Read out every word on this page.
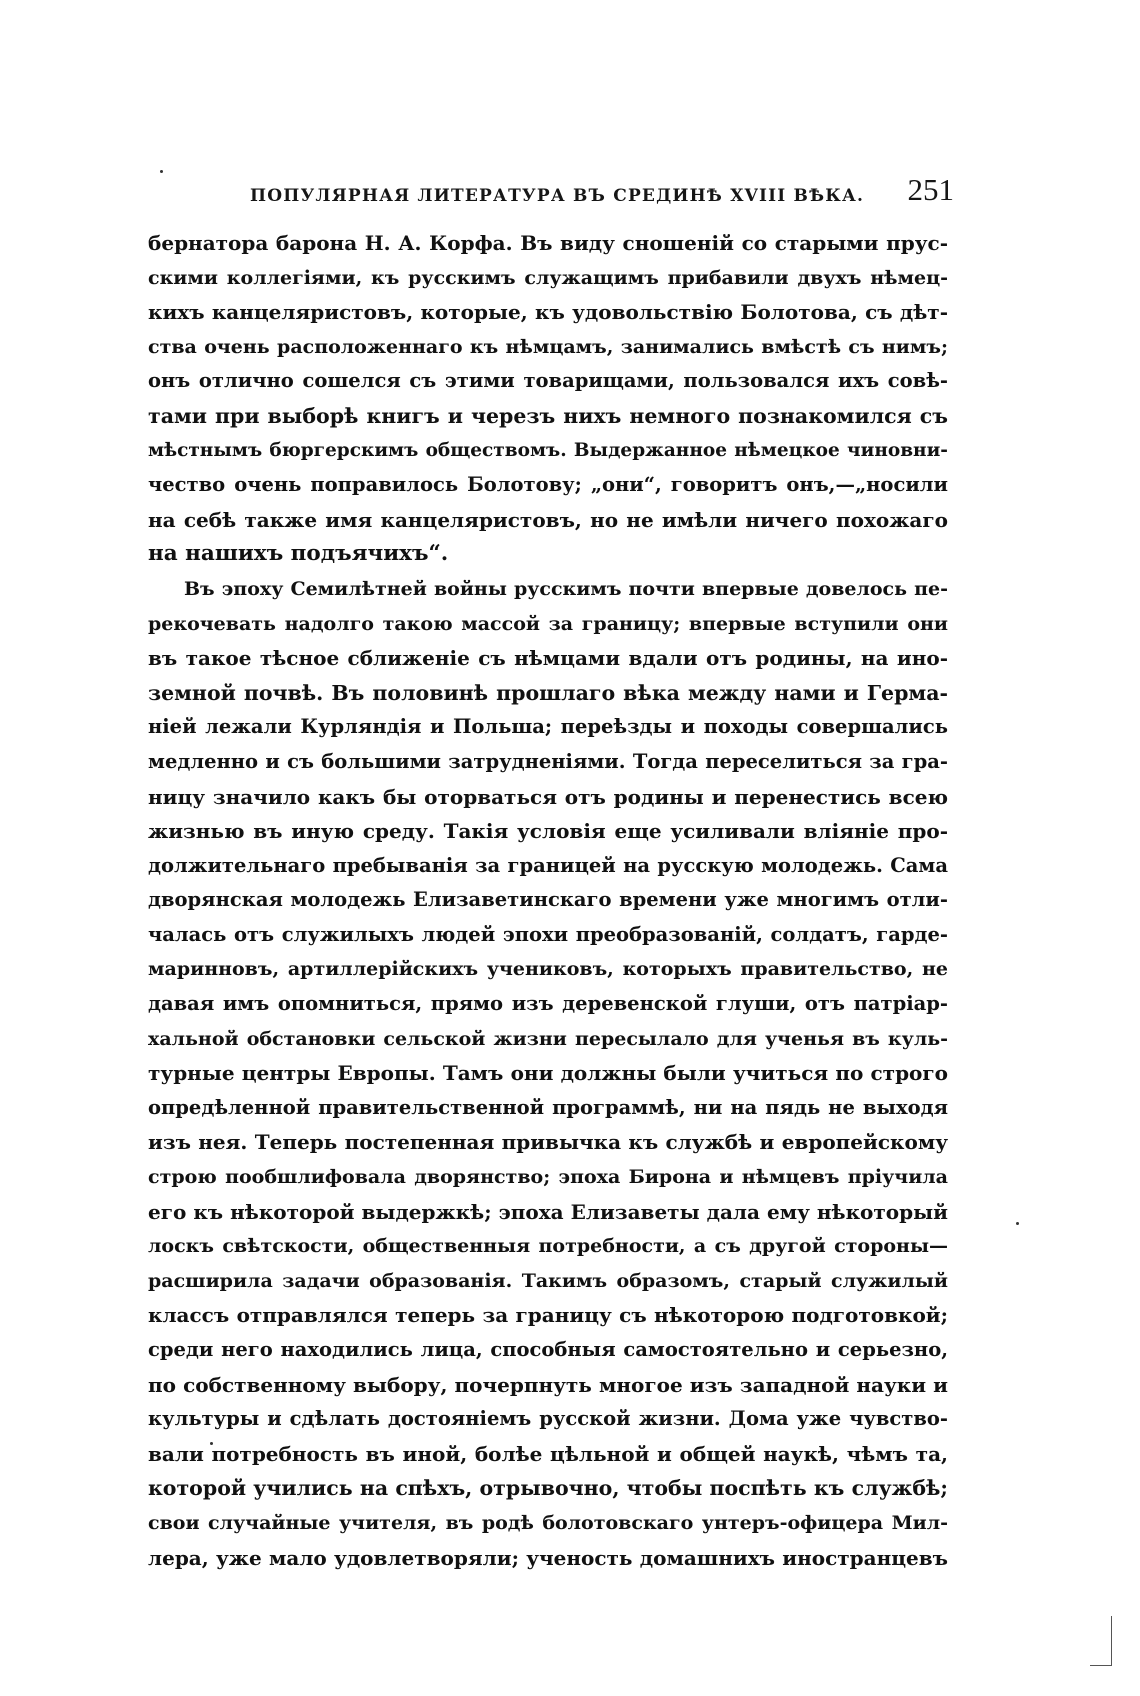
ПОПУЛЯРНАЯ ЛИТЕРАТУРА ВЪ СРЕДИНѢ XVIII ВѢКА. 251
бернатора барона Н. А. Корфа. Въ виду сношеній со старыми прус-
скими коллегіями, къ русскимъ служащимъ прибавили двухъ нѣмец-
кихъ канцеляристовъ, которые, къ удовольствію Болотова, съ дѣт-
ства очень расположеннаго къ нѣмцамъ, занимались вмѣстѣ съ нимъ;
онъ отлично сошелся съ этими товарищами, пользовался ихъ совѣ-
тами при выборѣ книгъ и черезъ нихъ немного познакомился съ
мѣстнымъ бюргерскимъ обществомъ. Выдержанное нѣмецкое чиновни-
чество очень поправилось Болотову; „они“, говоритъ онъ,—„носили
на себѣ также имя канцеляристовъ, но не имѣли ничего похожаго
на нашихъ подъячихъ“.
Въ эпоху Семилѣтней войны русскимъ почти впервые довелось пе-
рекочевать надолго такою массой за границу; впервые вступили они
въ такое тѣсное сближеніе съ нѣмцами вдали отъ родины, на ино-
земной почвѣ. Въ половинѣ прошлаго вѣка между нами и Герма-
ніей лежали Курляндія и Польша; переѣзды и походы совершались
медленно и съ большими затрудненіями. Тогда переселиться за гра-
ницу значило какъ бы оторваться отъ родины и перенестись всею
жизнью въ иную среду. Такія условія еще усиливали вліяніе про-
должительнаго пребыванія за границей на русскую молодежь. Сама
дворянская молодежь Елизаветинскаго времени уже многимъ отли-
чалась отъ служилыхъ людей эпохи преобразованій, солдатъ, гарде-
маринновъ, артиллерійскихъ учениковъ, которыхъ правительство, не
давая имъ опомниться, прямо изъ деревенской глуши, отъ патріар-
хальной обстановки сельской жизни пересылало для ученья въ куль-
турные центры Европы. Тамъ они должны были учиться по строго
опредѣленной правительственной программѣ, ни на пядь не выходя
изъ нея. Теперь постепенная привычка къ службѣ и европейскому
строю пообшлифовала дворянство; эпоха Бирона и нѣмцевъ пріучила
его къ нѣкоторой выдержкѣ; эпоха Елизаветы дала ему нѣкоторый
лоскъ свѣтскости, общественныя потребности, а съ другой стороны—
расширила задачи образованія. Такимъ образомъ, старый служилый
классъ отправлялся теперь за границу съ нѣкоторою подготовкой;
среди него находились лица, способныя самостоятельно и серьезно,
по собственному выбору, почерпнуть многое изъ западной науки и
культуры и сдѣлать достояніемъ русской жизни. Дома уже чувство-
вали потребность въ иной, болѣе цѣльной и общей наукѣ, чѣмъ та,
которой учились на спѣхъ, отрывочно, чтобы поспѣть къ службѣ;
свои случайные учителя, въ родѣ болотовскаго унтеръ-офицера Мил-
лера, уже мало удовлетворяли; ученость домашнихъ иностранцевъ
